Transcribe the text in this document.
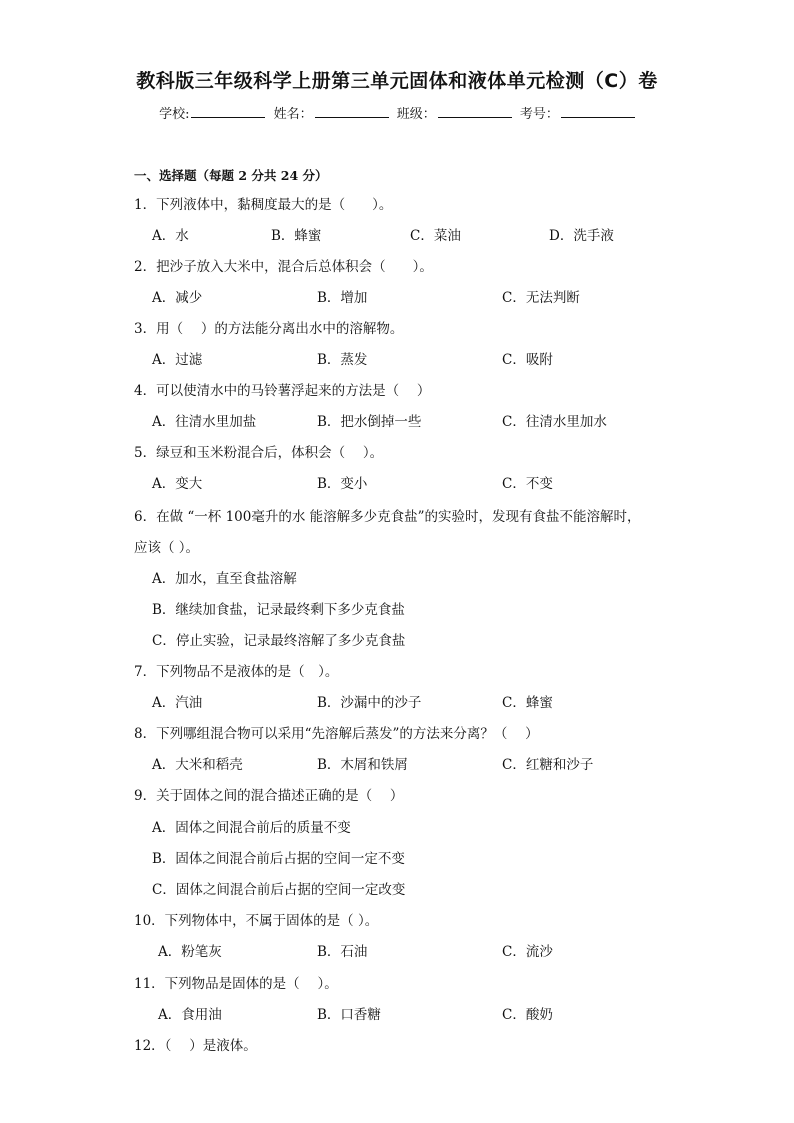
教科版三年级科学上册第三单元固体和液体单元检测（C）卷
学校:	姓名：	班级：	考号：
一、选择题（每题 2 分共 24 分）
1．下列液体中，黏稠度最大的是（　　）。
A．水	B．蜂蜜	C．菜油	D．洗手液
2．把沙子放入大米中，混合后总体积会（　　）。
A．减少	B．增加	C．无法判断
3．用（　 ）的方法能分离出水中的溶解物。
A．过滤	B．蒸发	C．吸附
4．可以使清水中的马铃薯浮起来的方法是（　 ）
A．往清水里加盐	B．把水倒掉一些	C．往清水里加水
5．绿豆和玉米粉混合后，体积会（　 ）。
A．变大	B．变小	C．不变
6．在做 “一杯 100毫升的水 能溶解多少克食盐”的实验时，发现有食盐不能溶解时，
应该（ ）。
A．加水，直至食盐溶解
B．继续加食盐，记录最终剩下多少克食盐
C．停止实验，记录最终溶解了多少克食盐
7．下列物品不是液体的是（　）。
A．汽油	B．沙漏中的沙子	C．蜂蜜
8．下列哪组混合物可以采用“先溶解后蒸发”的方法来分离？（　 ）
A．大米和稻壳	B．木屑和铁屑	C．红糖和沙子
9．关于固体之间的混合描述正确的是（　 ）
A．固体之间混合前后的质量不变
B．固体之间混合前后占据的空间一定不变
C．固体之间混合前后占据的空间一定改变
10．下列物体中，不属于固体的是（ ）。
A．粉笔灰	B．石油	C．流沙
11．下列物品是固体的是（　 ）。
A．食用油	B．口香糖	C．酸奶
12．（　 ）是液体。
